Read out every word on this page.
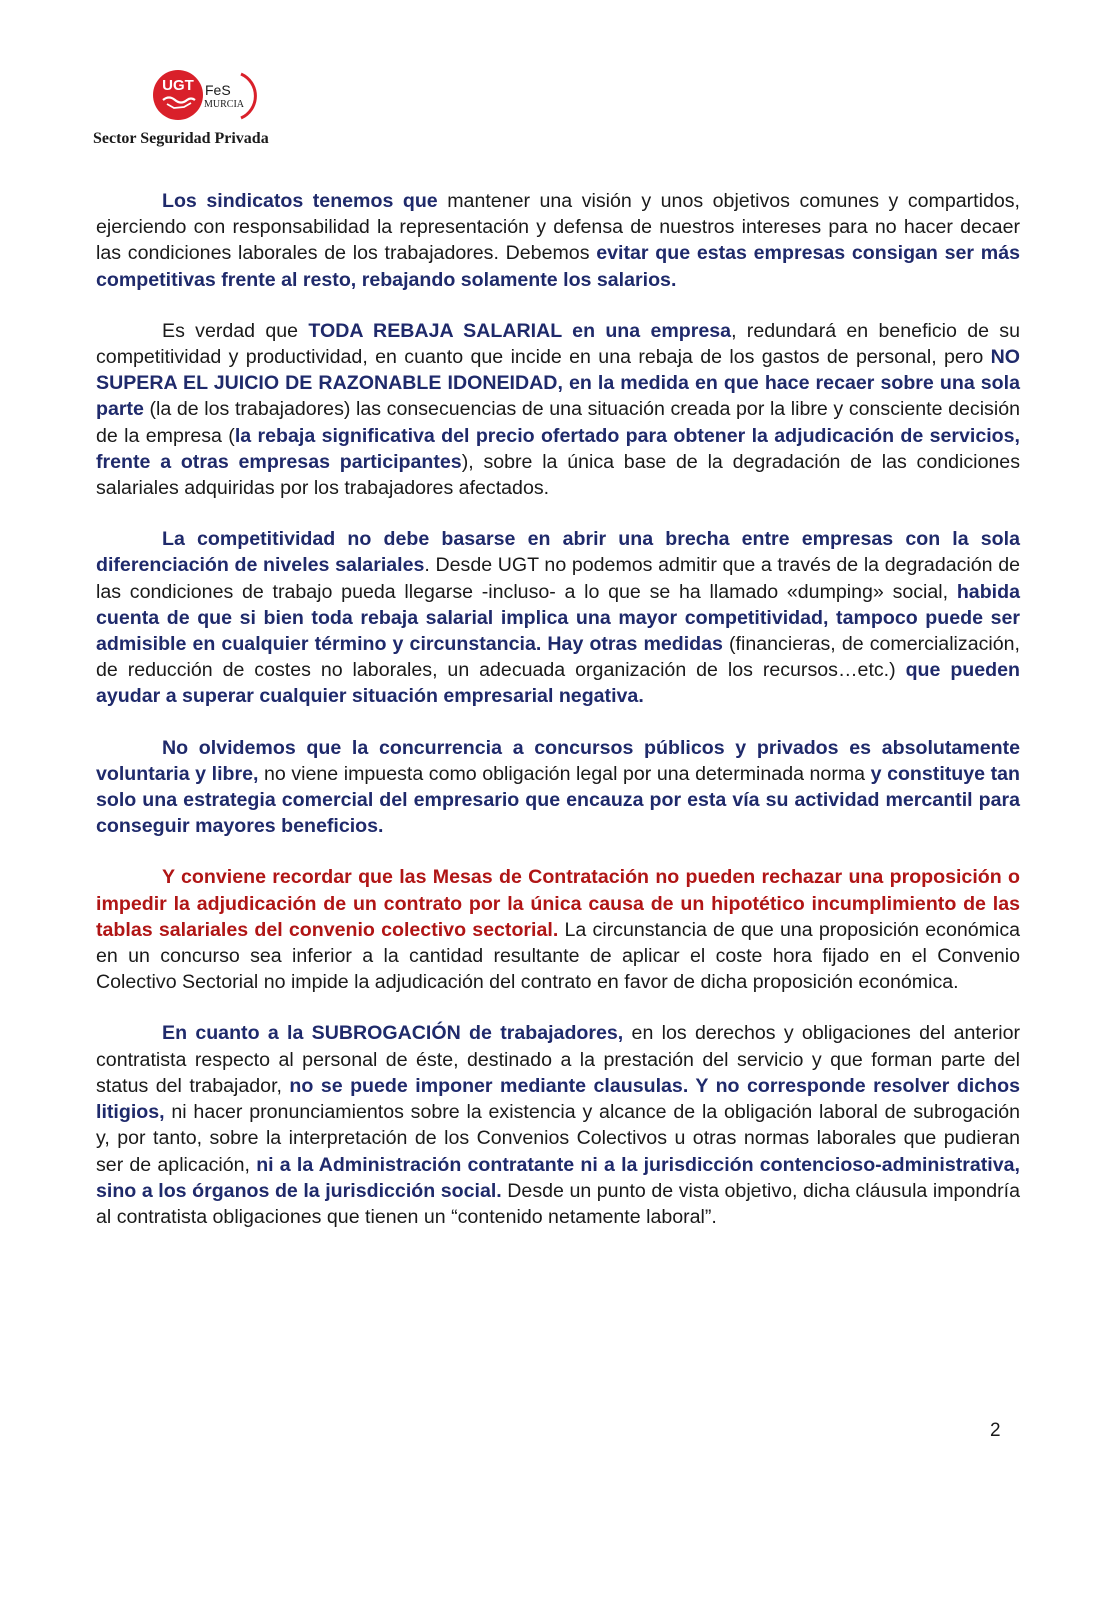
UGT FeS
MURCIA
Sector Seguridad Privada

Los sindicatos tenemos que mantener una visión y unos objetivos comunes y compartidos, ejerciendo con responsabilidad la representación y defensa de nuestros intereses para no hacer decaer las condiciones laborales de los trabajadores. Debemos evitar que estas empresas consigan ser más competitivas frente al resto, rebajando solamente los salarios.

Es verdad que TODA REBAJA SALARIAL en una empresa, redundará en beneficio de su competitividad y productividad, en cuanto que incide en una rebaja de los gastos de personal, pero NO SUPERA EL JUICIO DE RAZONABLE IDONEIDAD, en la medida en que hace recaer sobre una sola parte (la de los trabajadores) las consecuencias de una situación creada por la libre y consciente decisión de la empresa (la rebaja significativa del precio ofertado para obtener la adjudicación de servicios, frente a otras empresas participantes), sobre la única base de la degradación de las condiciones salariales adquiridas por los trabajadores afectados.

La competitividad no debe basarse en abrir una brecha entre empresas con la sola diferenciación de niveles salariales. Desde UGT no podemos admitir que a través de la degradación de las condiciones de trabajo pueda llegarse -incluso- a lo que se ha llamado «dumping» social, habida cuenta de que si bien toda rebaja salarial implica una mayor competitividad, tampoco puede ser admisible en cualquier término y circunstancia. Hay otras medidas (financieras, de comercialización, de reducción de costes no laborales, un adecuada organización de los recursos…etc.) que pueden ayudar a superar cualquier situación empresarial negativa.

No olvidemos que la concurrencia a concursos públicos y privados es absolutamente voluntaria y libre, no viene impuesta como obligación legal por una determinada norma y constituye tan solo una estrategia comercial del empresario que encauza por esta vía su actividad mercantil para conseguir mayores beneficios.

Y conviene recordar que las Mesas de Contratación no pueden rechazar una proposición o impedir la adjudicación de un contrato por la única causa de un hipotético incumplimiento de las tablas salariales del convenio colectivo sectorial. La circunstancia de que una proposición económica en un concurso sea inferior a la cantidad resultante de aplicar el coste hora fijado en el Convenio Colectivo Sectorial no impide la adjudicación del contrato en favor de dicha proposición económica.

En cuanto a la SUBROGACIÓN de trabajadores, en los derechos y obligaciones del anterior contratista respecto al personal de éste, destinado a la prestación del servicio y que forman parte del status del trabajador, no se puede imponer mediante clausulas. Y no corresponde resolver dichos litigios, ni hacer pronunciamientos sobre la existencia y alcance de la obligación laboral de subrogación y, por tanto, sobre la interpretación de los Convenios Colectivos u otras normas laborales que pudieran ser de aplicación, ni a la Administración contratante ni a la jurisdicción contencioso-administrativa, sino a los órganos de la jurisdicción social. Desde un punto de vista objetivo, dicha cláusula impondría al contratista obligaciones que tienen un “contenido netamente laboral”.

2
